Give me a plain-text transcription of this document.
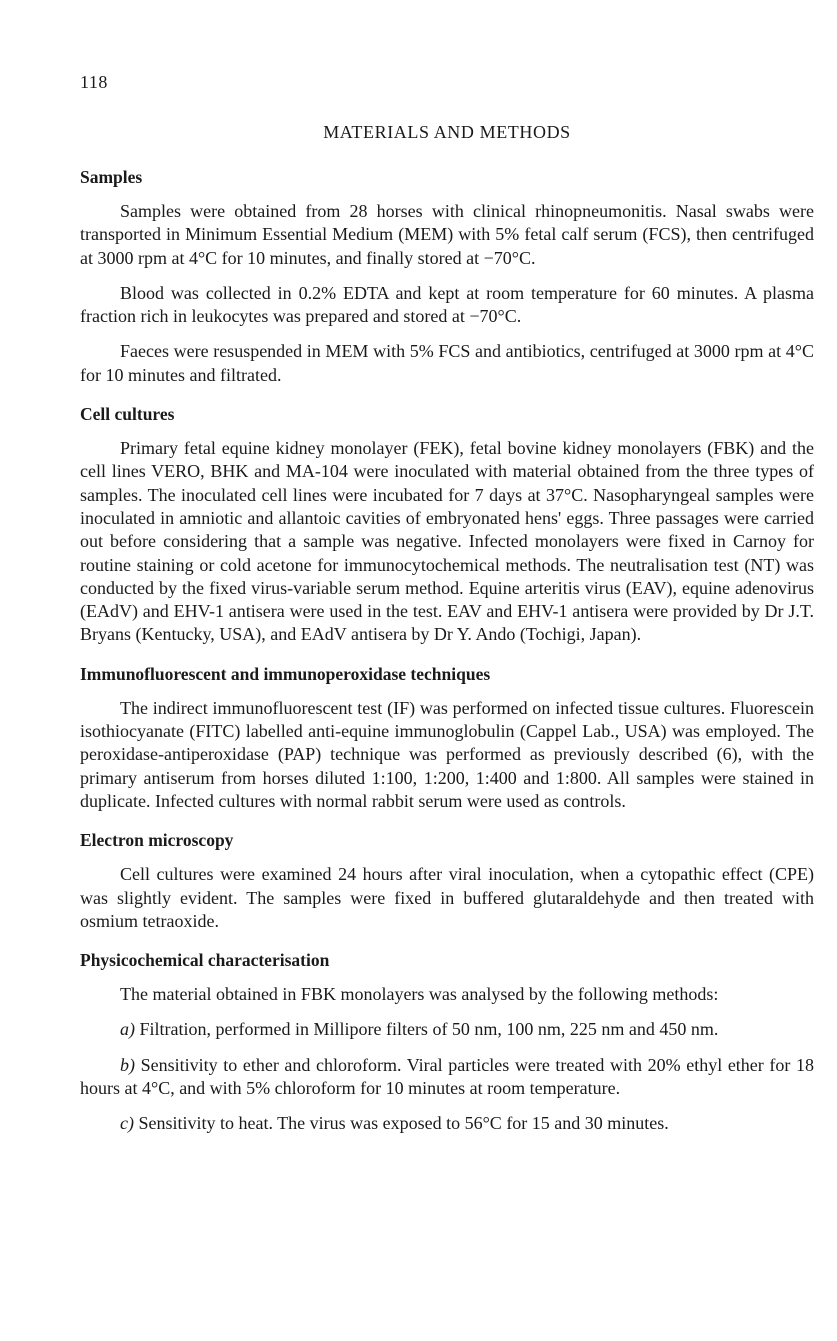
118
MATERIALS AND METHODS
Samples

Samples were obtained from 28 horses with clinical rhinopneumonitis. Nasal swabs were transported in Minimum Essential Medium (MEM) with 5% fetal calf serum (FCS), then centrifuged at 3000 rpm at 4°C for 10 minutes, and finally stored at −70°C.

Blood was collected in 0.2% EDTA and kept at room temperature for 60 minutes. A plasma fraction rich in leukocytes was prepared and stored at −70°C.

Faeces were resuspended in MEM with 5% FCS and antibiotics, centrifuged at 3000 rpm at 4°C for 10 minutes and filtrated.

Cell cultures

Primary fetal equine kidney monolayer (FEK), fetal bovine kidney monolayers (FBK) and the cell lines VERO, BHK and MA-104 were inoculated with material obtained from the three types of samples. The inoculated cell lines were incubated for 7 days at 37°C. Nasopharyngeal samples were inoculated in amniotic and allantoic cavities of embryonated hens' eggs. Three passages were carried out before considering that a sample was negative. Infected monolayers were fixed in Carnoy for routine staining or cold acetone for immunocytochemical methods. The neutralisation test (NT) was conducted by the fixed virus-variable serum method. Equine arteritis virus (EAV), equine adenovirus (EAdV) and EHV-1 antisera were used in the test. EAV and EHV-1 antisera were provided by Dr J.T. Bryans (Kentucky, USA), and EAdV antisera by Dr Y. Ando (Tochigi, Japan).

Immunofluorescent and immunoperoxidase techniques

The indirect immunofluorescent test (IF) was performed on infected tissue cultures. Fluorescein isothiocyanate (FITC) labelled anti-equine immunoglobulin (Cappel Lab., USA) was employed. The peroxidase-antiperoxidase (PAP) technique was performed as previously described (6), with the primary antiserum from horses diluted 1:100, 1:200, 1:400 and 1:800. All samples were stained in duplicate. Infected cultures with normal rabbit serum were used as controls.

Electron microscopy

Cell cultures were examined 24 hours after viral inoculation, when a cytopathic effect (CPE) was slightly evident. The samples were fixed in buffered glutaraldehyde and then treated with osmium tetraoxide.

Physicochemical characterisation

The material obtained in FBK monolayers was analysed by the following methods:

a) Filtration, performed in Millipore filters of 50 nm, 100 nm, 225 nm and 450 nm.

b) Sensitivity to ether and chloroform. Viral particles were treated with 20% ethyl ether for 18 hours at 4°C, and with 5% chloroform for 10 minutes at room temperature.

c) Sensitivity to heat. The virus was exposed to 56°C for 15 and 30 minutes.
